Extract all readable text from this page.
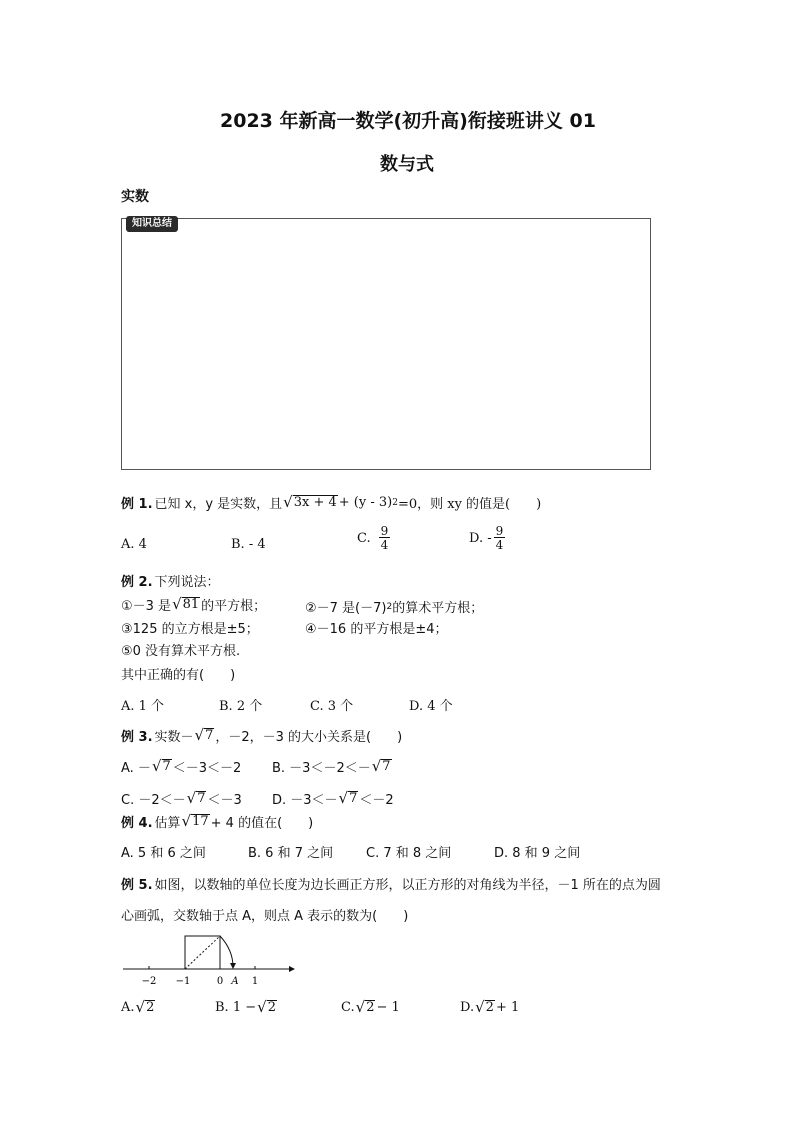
2023 年新高一数学(初升高)衔接班讲义 01
数与式
实数
知识总结
例 1. 已知 x，y 是实数，且 √ 3x + 4 + (y - 3) 2 =0，则 xy 的值是(　　)
A. 4	B. - 4	C. $\frac{9}{4}$	D. - $\frac{9}{4}$
例 2. 下列说法：
①－3 是 √ 81 的平方根；	②－7 是(－7) 2 的算术平方根；
③125 的立方根是±5；	④－16 的平方根是±4；
⑤0 没有算术平方根.
其中正确的有(　　)
A. 1 个	B. 2 个	C. 3 个	D. 4 个
例 3. 实数－ √ 7 ，－2，－3 的大小关系是(　　)
A. － √ 7 ＜－3＜－2 B. －3＜－2＜－ √ 7
C. －2＜－ √ 7 ＜－3 D. －3＜－ √ 7 ＜－2
例 4. 估算 √ 17 + 4 的值在(　　)
A. 5 和 6 之间	B. 6 和 7 之间	C. 7 和 8 之间	D. 8 和 9 之间
例 5. 如图，以数轴的单位长度为边长画正方形，以正方形的对角线为半径，－1 所在的点为圆
心画弧，交数轴于点 A，则点 A 表示的数为(　　)
−2 −1	0 A 1
A. √ 2	B. 1 − √ 2	C. √ 2 − 1	D. √ 2 + 1
